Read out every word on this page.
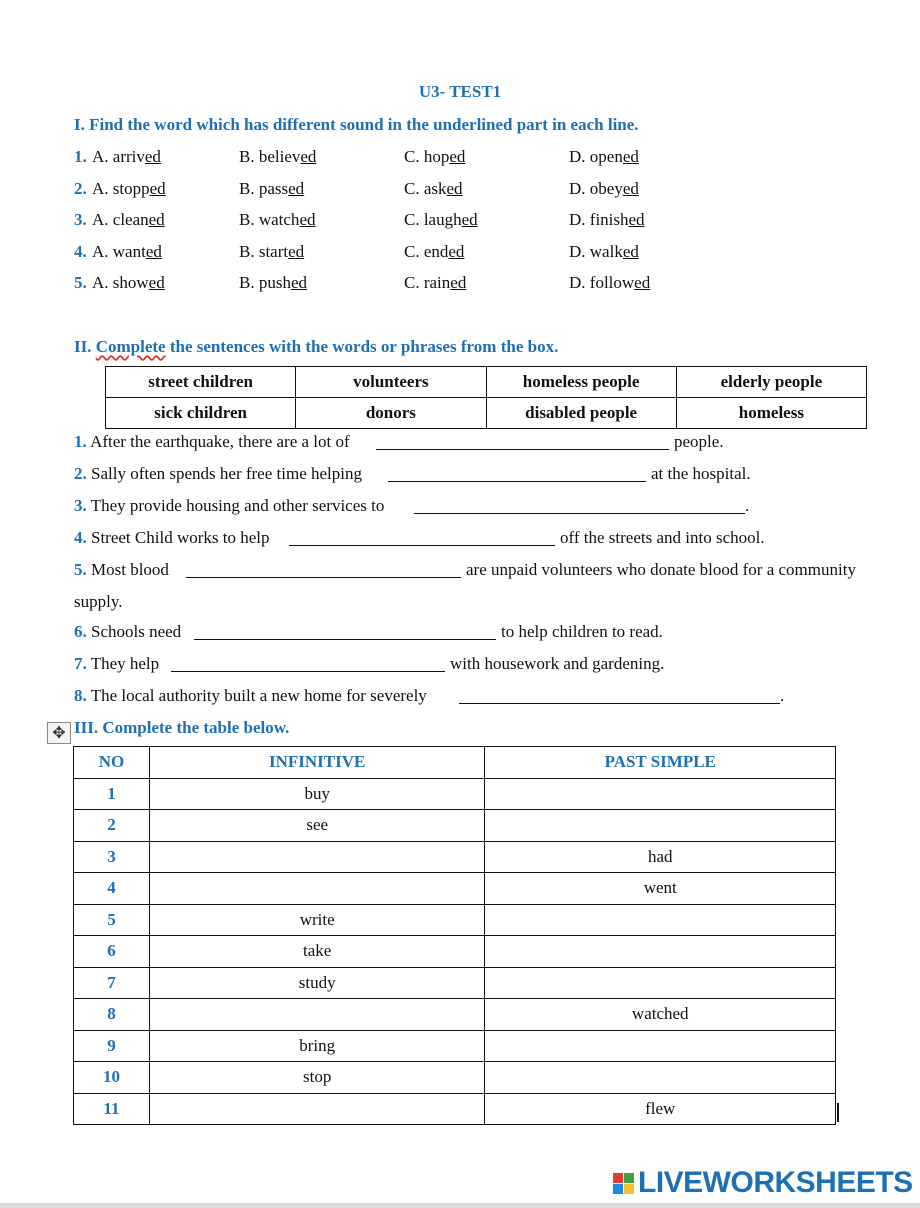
U3- TEST1
I. Find the word which has different sound in the underlined part in each line.
1. A. arrived	B. believed	C. hoped	D. opened
2. A. stopped	B. passed	C. asked	D. obeyed
3. A. cleaned	B. watched	C. laughed	D. finished
4. A. wanted	B. started	C. ended	D. walked
5. A. showed	B. pushed	C. rained	D. followed
II. Complete the sentences with the words or phrases from the box.
street children	volunteers	homeless people	elderly people
sick children	donors	disabled people	homeless
1. After the earthquake, there are a lot of	people.
2. Sally often spends her free time helping	at the hospital.
3. They provide housing and other services to	.
4. Street Child works to help	off the streets and into school.
5. Most blood	are unpaid volunteers who donate blood for a community
supply.
6. Schools need	to help children to read.
7. They help	with housework and gardening.
8. The local authority built a new home for severely	.
✥ III. Complete the table below.
NO	INFINITIVE	PAST SIMPLE
1	buy	
2	see	
3		had
4		went
5	write	
6	take	
7	study	
8		watched
9	bring	
10	stop	
11		flew
LIVEWORKSHEETS
